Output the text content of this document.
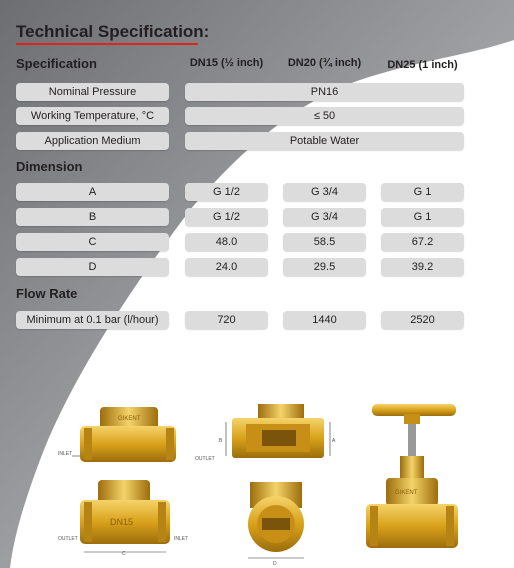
Technical Specification:
Specification	DN15 (½ inch)	DN20 (¾ inch)	DN25 (1 inch)
Nominal Pressure	PN16
Working Temperature, °C	≤ 50
Application Medium	Potable Water
Dimension
A	G 1/2	G 3/4	G 1
B	G 1/2	G 3/4	G 1
C	48.0	58.5	67.2
D	24.0	29.5	39.2
Flow Rate
Minimum at 0.1 bar (l/hour)	720	1440	2520
GIKENT
INLET
B	A
OUTLET
GIKENT
DN15
C
OUTLET	INLET
D
